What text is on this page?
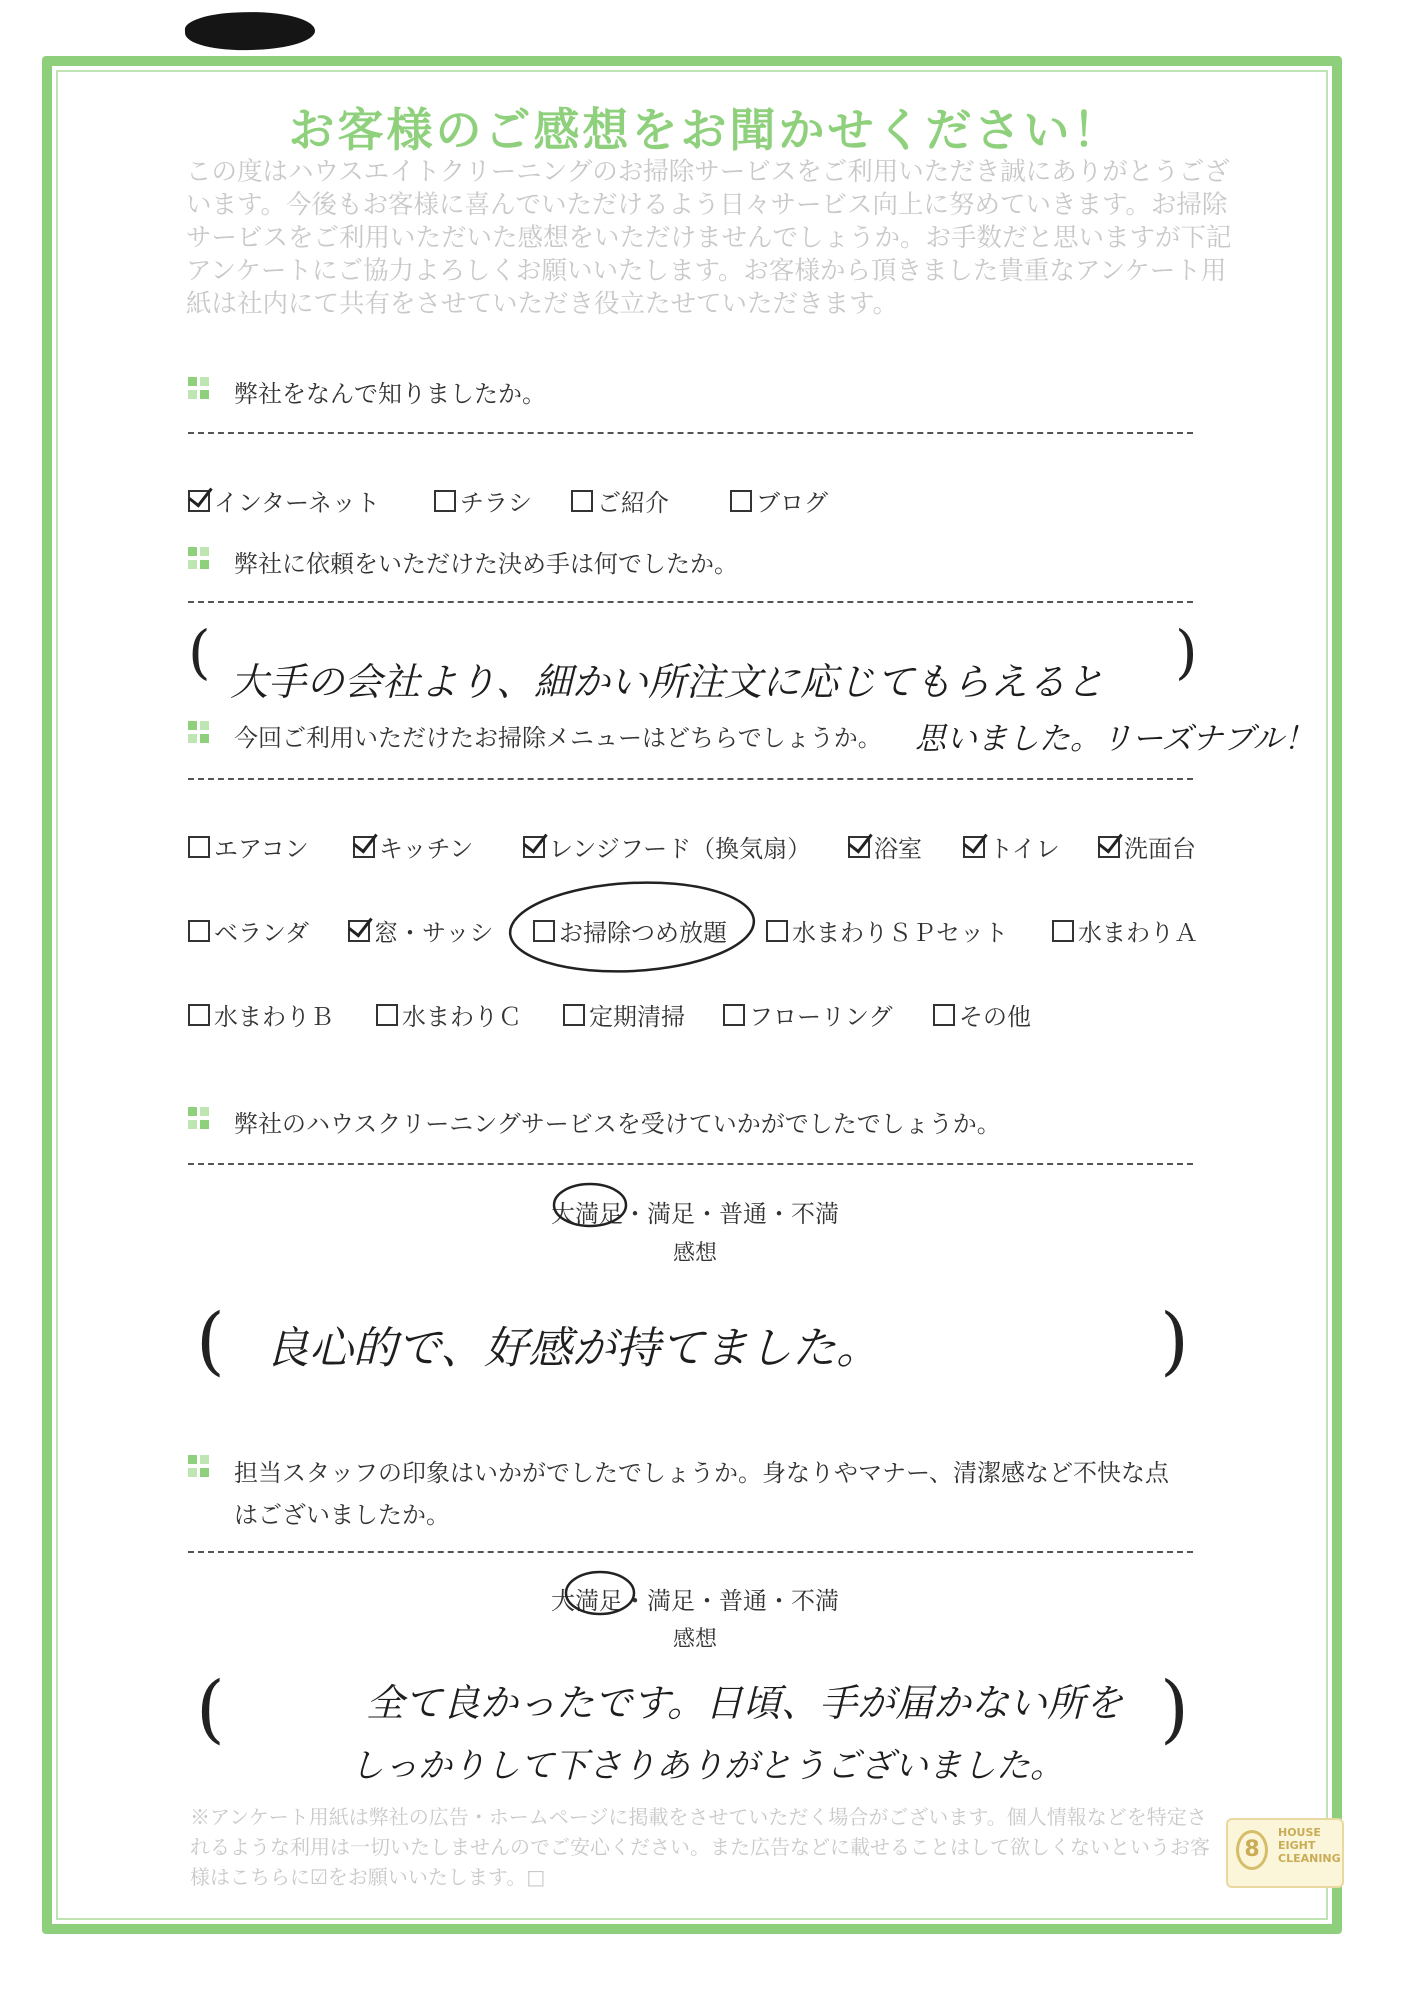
お客様のご感想をお聞かせください！
この度はハウスエイトクリーニングのお掃除サービスをご利用いただき誠にありがとうございます。今後もお客様に喜んでいただけるよう日々サービス向上に努めていきます。お掃除サービスをご利用いただいた感想をいただけませんでしょうか。お手数だと思いますが下記アンケートにご協力よろしくお願いいたします。お客様から頂きました貴重なアンケート用紙は社内にて共有をさせていただき役立たせていただきます。
弊社をなんで知りましたか。
インターネット	チラシ	ご紹介	ブログ
弊社に依頼をいただけた決め手は何でしたか。
( 大手の会社より、細かい所注文に応じてもらえると )
今回ご利用いただけたお掃除メニューはどちらでしょうか。 思いました。リーズナブル！
エアコン	キッチン	レンジフード（換気扇）	浴室	トイレ	洗面台
ベランダ	窓・サッシ	お掃除つめ放題	水まわりＳＰセット	水まわりＡ
水まわりＢ	水まわりＣ	定期清掃	フローリング	その他
弊社のハウスクリーニングサービスを受けていかがでしたでしょうか。
大満足・満足・普通・不満
感想
( 良心的で、好感が持てました。	)
担当スタッフの印象はいかがでしたでしょうか。身なりやマナー、清潔感など不快な点
はございましたか。
大満足・満足・普通・不満
感想
(	全て良かったです。日頃、手が届かない所を
しっかりして下さりありがとうございました。
)
※アンケート用紙は弊社の広告・ホームページに掲載をさせていただく場合がございます。個人情報などを特定されるような利用は一切いたしませんのでご安心ください。また広告などに載せることはして欲しくないというお客様はこちらに☑をお願いいたします。□
8
HOUSE EIGHT CLEANING
